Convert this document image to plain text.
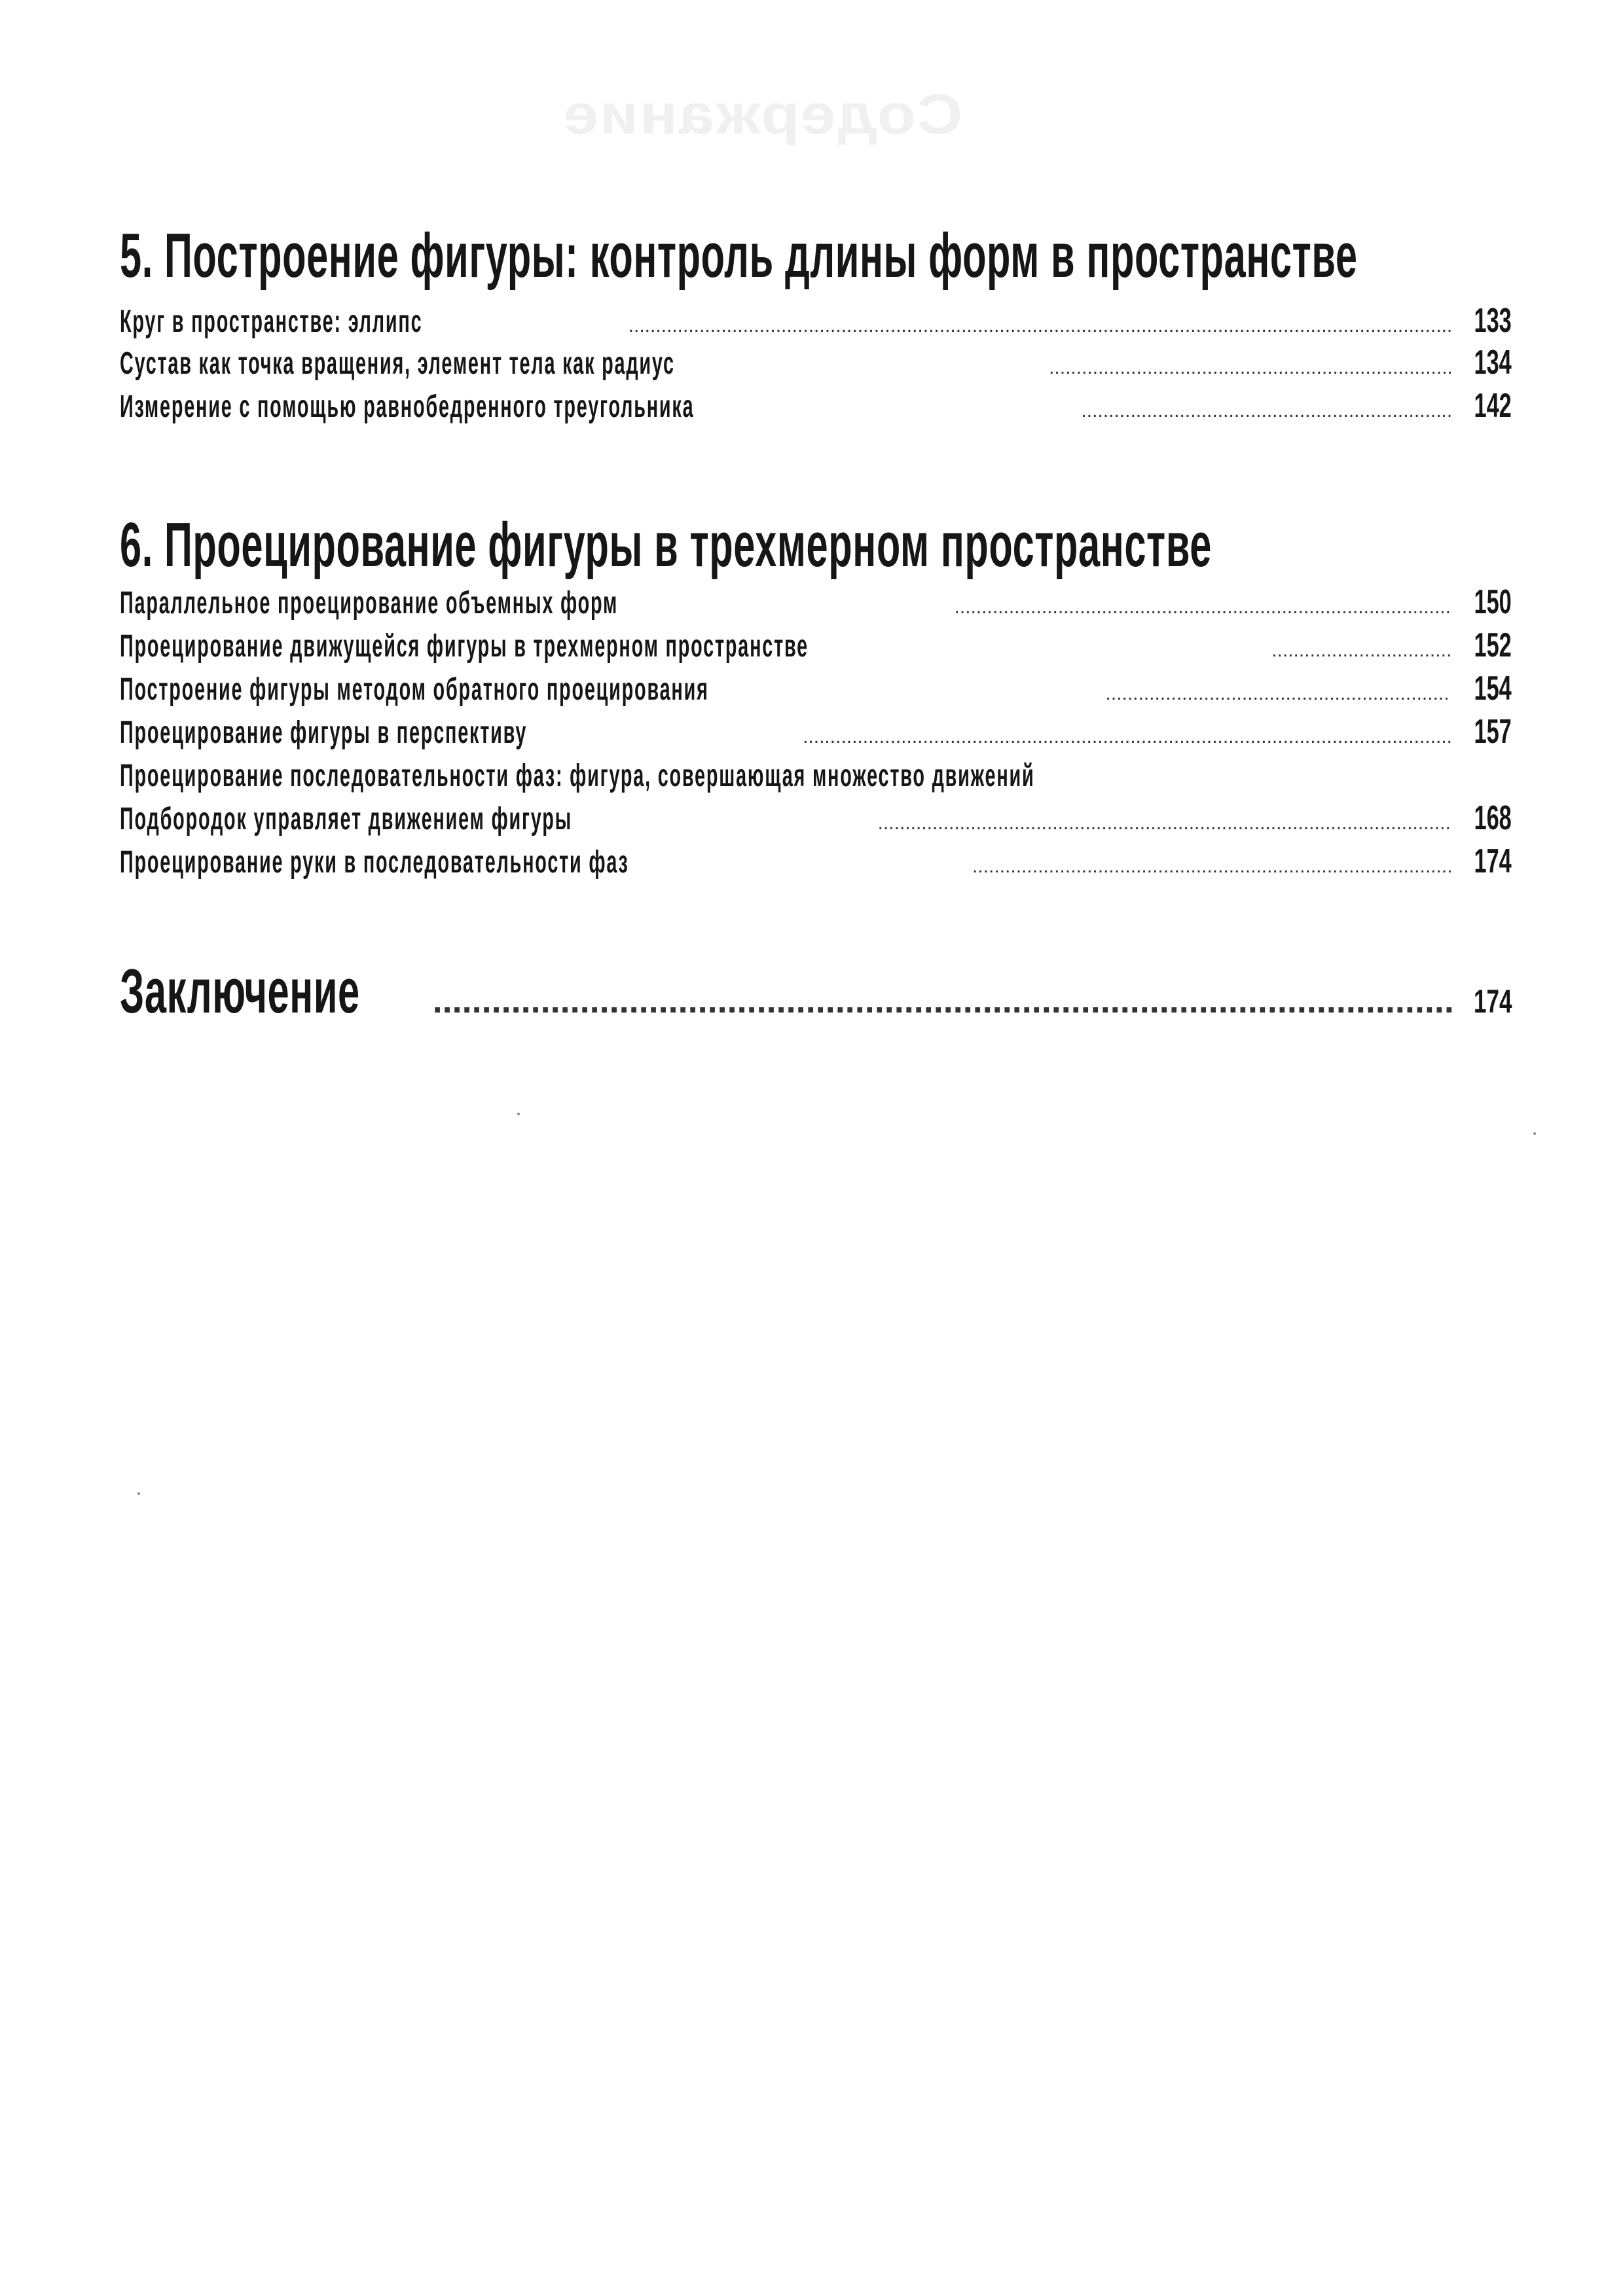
Содержание
5. Построение фигуры: контроль длины форм в пространстве
Круг в пространстве: эллипс .....	133
Сустав как точка вращения, элемент тела как радиус .....	134
Измерение с помощью равнобедренного треугольника .....	142
6. Проецирование фигуры в трехмерном пространстве
Параллельное проецирование объемных форм .....	150
Проецирование движущейся фигуры в трехмерном пространстве .....	152
Построение фигуры методом обратного проецирования .....	154
Проецирование фигуры в перспективу .....	157
Проецирование последовательности фаз: фигура, совершающая множество движений
Подбородок управляет движением фигуры .....	168
Проецирование руки в последовательности фаз .....	174
Заключение .....	174
